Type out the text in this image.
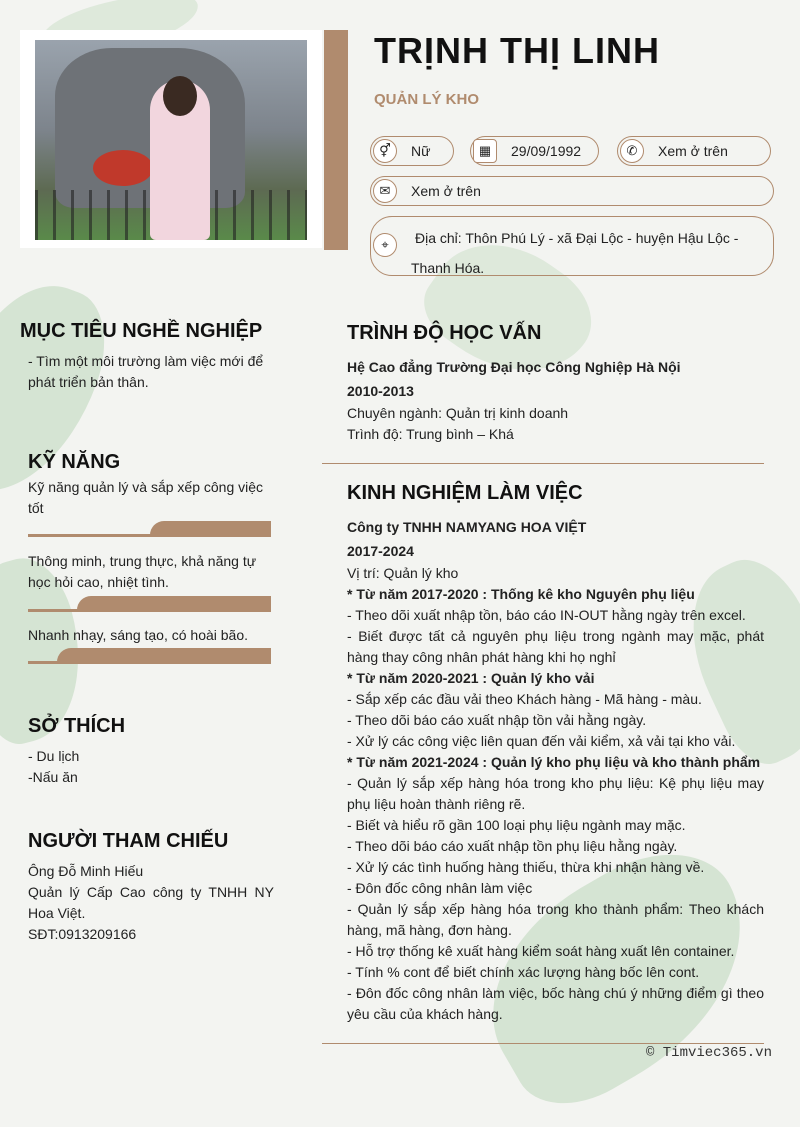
TRỊNH THỊ LINH

QUẢN LÝ KHO

⚥	Nữ	▦	29/09/1992	✆	Xem ở trên
✉	Xem ở trên
⌖	Địa chỉ: Thôn Phú Lý - xã Đại Lộc - huyện Hậu Lộc - Thanh Hóa.
MỤC TIÊU NGHỀ NGHIỆP

- Tìm một môi trường làm việc mới để phát triển bản thân.

KỸ NĂNG

Kỹ năng quản lý và sắp xếp công việc tốt

Thông minh, trung thực, khả năng tự học hỏi cao, nhiệt tình.

Nhanh nhạy, sáng tạo, có hoài bão.

SỞ THÍCH

- Du lịch

-Nấu ăn

NGƯỜI THAM CHIẾU

Ông Đỗ Minh Hiếu

Quản lý Cấp Cao công ty TNHH NY Hoa Việt.

SĐT:0913209166

TRÌNH ĐỘ HỌC VẤN

Hệ Cao đẳng Trường Đại học Công Nghiệp Hà Nội

2010-2013

Chuyên ngành: Quản trị kinh doanh

Trình độ: Trung bình – Khá

KINH NGHIỆM LÀM VIỆC

Công ty TNHH NAMYANG HOA VIỆT

2017-2024

Vị trí: Quản lý kho

* Từ năm 2017-2020 : Thống kê kho Nguyên phụ liệu

- Theo dõi xuất nhập tồn, báo cáo IN-OUT hằng ngày trên excel.

- Biết được tất cả nguyên phụ liệu trong ngành may mặc, phát hàng thay công nhân phát hàng khi họ nghỉ

* Từ năm 2020-2021 : Quản lý kho vải

- Sắp xếp các đầu vải theo Khách hàng - Mã hàng - màu.

- Theo dõi báo cáo xuất nhập tồn vải hằng ngày.

- Xử lý các công việc liên quan đến vải kiểm, xả vải tại kho vải.

* Từ năm 2021-2024 : Quản lý kho phụ liệu và kho thành phẩm

- Quản lý sắp xếp hàng hóa trong kho phụ liệu: Kệ phụ liệu may phụ liệu hoàn thành riêng rẽ.

- Biết và hiểu rõ gần 100 loại phụ liệu ngành may mặc.

- Theo dõi báo cáo xuất nhập tồn phụ liệu hằng ngày.

- Xử lý các tình huống hàng thiếu, thừa khi nhận hàng về.

- Đôn đốc công nhân làm việc

- Quản lý sắp xếp hàng hóa trong kho thành phẩm: Theo khách hàng, mã hàng, đơn hàng.

- Hỗ trợ thống kê xuất hàng kiểm soát hàng xuất lên container.

- Tính % cont để biết chính xác lượng hàng bốc lên cont.

- Đôn đốc công nhân làm việc, bốc hàng chú ý những điểm gì theo yêu cầu của khách hàng.

© Timviec365.vn
